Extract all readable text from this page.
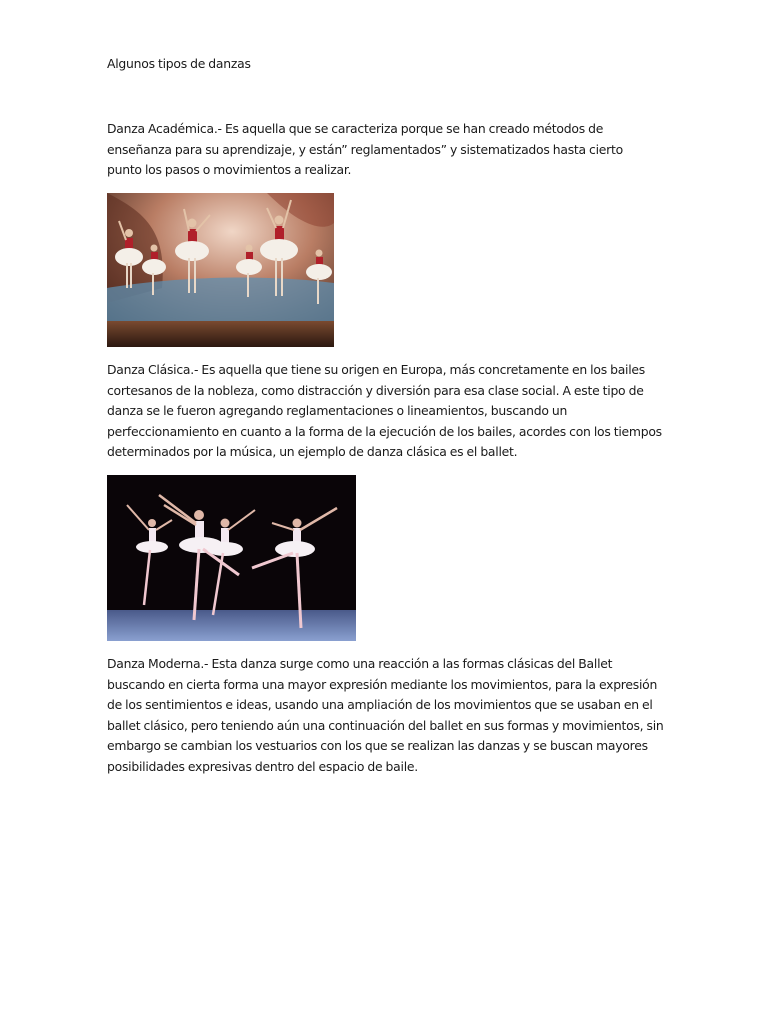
Algunos tipos de danzas
Danza Académica.- Es aquella que se caracteriza porque se han creado métodos de enseñanza para su aprendizaje, y están” reglamentados” y sistematizados hasta cierto punto los pasos o movimientos a realizar.
Danza Clásica.- Es aquella que tiene su origen en Europa, más concretamente en los bailes cortesanos de la nobleza, como distracción y diversión para esa clase social. A este tipo de danza se le fueron agregando reglamentaciones o lineamientos, buscando un perfeccionamiento en cuanto a la forma de la ejecución de los bailes, acordes con los tiempos determinados por la música, un ejemplo de danza clásica es el ballet.
Danza Moderna.- Esta danza surge como una reacción a las formas clásicas del Ballet buscando en cierta forma una mayor expresión mediante los movimientos, para la expresión de los sentimientos e ideas, usando una ampliación de los movimientos que se usaban en el ballet clásico, pero teniendo aún una continuación del ballet en sus formas y movimientos, sin embargo se cambian los vestuarios con los que se realizan las danzas y se buscan mayores posibilidades expresivas dentro del espacio de baile.
